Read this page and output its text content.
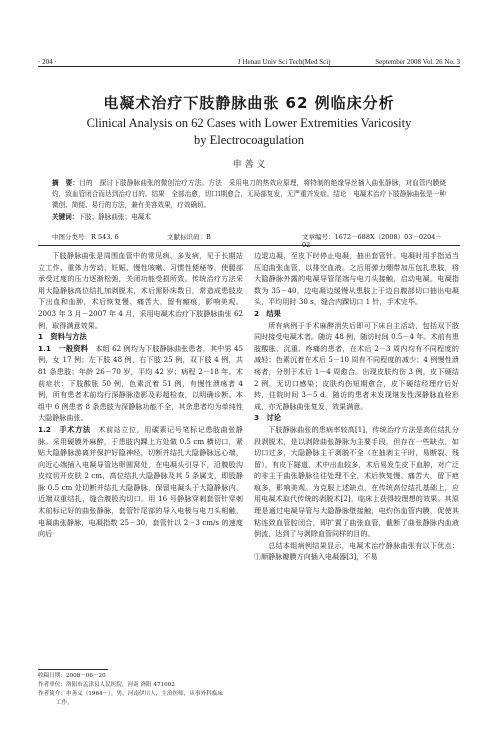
· 204 ·	J Henan Univ Sci Tech(Med Sci)	September 2008 Vol. 26 No. 3
电凝术治疗下肢静脉曲张 62 例临床分析
Clinical Analysis on 62 Cases with Lower Extremities Varicosity
by Electrocoagulation
申 善 义
摘　要：目的　探讨下肢静脉曲张的微创治疗方法。方法　采用电刀的热效应原理，将特制的绝缘导丝插入曲张静脉，对血管内膜烧灼，致血管闭合而达到治疗目的。结果　全部治愈，切口Ⅰ期愈合，无局部复发，无严重并发症。结论　电凝术治疗下肢静脉曲张是一种微创、简便、易行的方法，兼有美容效果，疗效确切。
关键词：下肢；静脉曲张；电凝术
中图分类号：R 543. 6	文献标识码：B	文章编号：1672－688X（2008）03－0204－02

下肢静脉曲张是周围血管中的常见病、多发病，见于长期站立工作、重体力劳动、妊娠、慢性咳嗽、习惯性便秘等，使腿部承受过度的压力逐渐松弛，关闭功能受损所致。传统治疗方法采用大隐静脉高位结扎加剥脱术，术后需卧床数日，常造成患肢皮下出血和血肿，术后恢复慢、痛苦大，留有瘢痕，影响美观。2003 年 3 月－2007 年 4 月，采用电凝术治疗下肢静脉曲张 62 例，取得满意效果。

1　资料与方法

1.1　一般资料　 本组 62 例均为下肢静脉曲张患者，其中男 45 例，女 17 例；左下肢 48 例，右下肢 25 例，双下肢 4 例，共 81 条患肢；年龄 26－70 岁，平均 42 岁；病程 2－18 年。术前症状：下肢酸胀 50 例，色素沉着 51 例，有慢性溃疡者 4 例，所有患者术前均行深静脉造影及彩超检查，以明确诊断。本组中 6 例患者 8 条患肢为深静脉功能不全，其余患者均为单纯性大隐静脉曲张。

1.2　手术方法　 术前站立位，用碳素记号笔标记患肢曲张静脉。采用硬膜外麻醉，于患肢内踝上方处做 0.5 cm 横切口，紧贴大隐静脉游离并保护好隐神经，切断并结扎大隐静脉远心端，向近心端插入电凝导管达卵圆窝处，在电凝头引导下，沿腹股沟皮纹切开皮肤 2 cm，高位结扎大隐静脉及其 5 条属支，即股静脉 0.5 cm 处切断并结扎大隐静脉，保留电凝头于大隐静脉内，近端双重结扎，缝合腹股沟切口。用 16 号静脉穿刺套管针穿刺术前标记好的曲张静脉，套管针尾部的导入电极与电刀头相触，电凝曲张静脉，电凝指数 25－30，套管针以 2－3 cm/s 的速度向后

边退边凝，至皮下时停止电凝，抽出套管针。电凝时用手指适当压迫曲张血管，以排空血液。之后用弹力绷带加压包扎患肢，将大隐静脉外露的电凝导管尾端与电刀头接触，启动电凝。电凝指数为 35－40，边电凝边缓慢从患肢上于边自腹部切口抽出电凝头，平均用时 30 s，缝合内踝切口 1 针，手术完毕。

2　结果

所有病例于手术麻醉消失后即可下床自主活动，包括双下肢同时接受电凝术者。随访 48 例，随访时间 0.5－4 年。术前有患肢酸胀、沉重、疼痛的患者，在术后 2－3 周内均有不同程度的减轻；色素沉着在术后 5－10 周有不同程度的减少；4 例慢性溃疡者，分别于术后 1－4 周愈合。出现皮肤灼伤 3 例，皮下硬结 2 例，无切口感染；皮肤灼伤短期愈合，皮下硬结经理疗后好转，住院时间 3－5 d。随访的患者未发现继发性深静脉血栓形成，亦无静脉曲张复发，效果满意。

3　讨论

下肢静脉曲张的患病率较高[1]，传统治疗方法是高位结扎分段剥脱术，是以剥除曲张静脉为主要手段，但存在一些缺点，如切口过多，大隐静脉主干剥脱不全（在抽剥主干时，易断裂、残留），有皮下隧道，术中出血较多，术后易发生皮下血肿，对广泛的非主干曲张静脉往往处理不全，术后恢复慢、痛苦大，留下疤痕多，影响美观。为克服上述缺点，在传统高位结扎基础上，应用电凝术取代传统的剥脱术[2]，临床上获得较理想的效果。其原理是通过电凝导管与大隐静脉壁接触，电灼伤血管内膜，促使其粘连致血管腔闭合，即扩置了曲张血管，截断了曲张静脉内血液倒流，达到了与剥除血管同样的目的。

总结本组病例结果显示，电凝术治疗静脉曲张有以下优点：①顺静脉瓣膜方向插入电凝器[3]，不易

收稿日期：2008－06－20
作者单位：洛阳市孟津县人民医院，河南 洛阳 471002
作者简介：申善义（1964－），男，河南伊川人，主治医师，从事外科临床
工作。
